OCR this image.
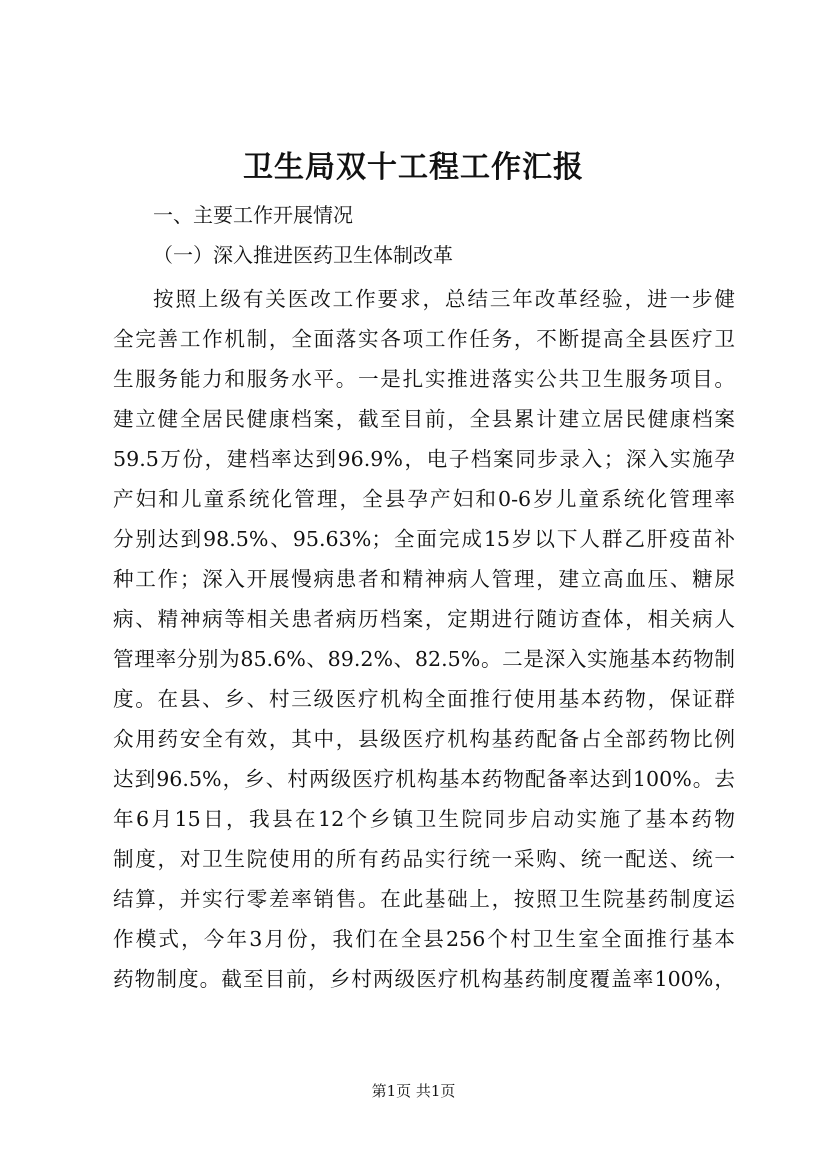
卫生局双十工程工作汇报

一、主要工作开展情况

（一）深入推进医药卫生体制改革

按照上级有关医改工作要求，总结三年改革经验，进一步健
全完善工作机制，全面落实各项工作任务，不断提高全县医疗卫
生服务能力和服务水平。一是扎实推进落实公共卫生服务项目。
建立健全居民健康档案，截至目前，全县累计建立居民健康档案
59.5万份，建档率达到96.9%，电子档案同步录入；深入实施孕
产妇和儿童系统化管理，全县孕产妇和0-6岁儿童系统化管理率
分别达到98.5%、95.63%；全面完成15岁以下人群乙肝疫苗补
种工作；深入开展慢病患者和精神病人管理，建立高血压、糖尿
病、精神病等相关患者病历档案，定期进行随访查体，相关病人
管理率分别为85.6%、89.2%、82.5%。二是深入实施基本药物制
度。在县、乡、村三级医疗机构全面推行使用基本药物，保证群
众用药安全有效，其中，县级医疗机构基药配备占全部药物比例
达到96.5%，乡、村两级医疗机构基本药物配备率达到100%。去
年6月15日，我县在12个乡镇卫生院同步启动实施了基本药物
制度，对卫生院使用的所有药品实行统一采购、统一配送、统一
结算，并实行零差率销售。在此基础上，按照卫生院基药制度运
作模式，今年3月份，我们在全县256个村卫生室全面推行基本
药物制度。截至目前，乡村两级医疗机构基药制度覆盖率100%，
第1页 共1页
